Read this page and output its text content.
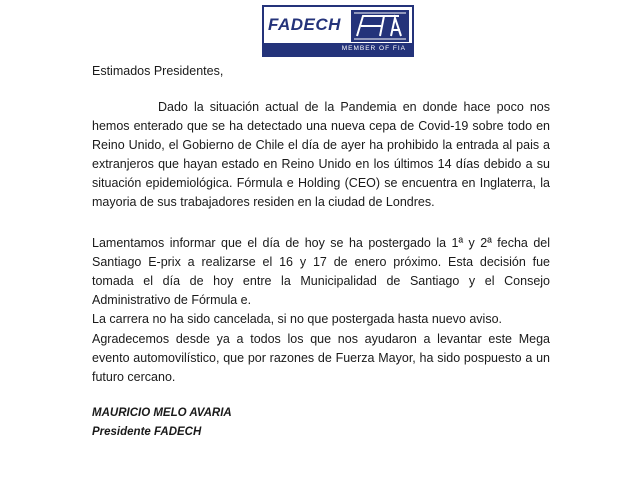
FADECH
MEMBER OF FIA
Estimados Presidentes,

Dado la situación actual de la Pandemia en donde hace poco nos hemos enterado que se ha detectado una nueva cepa de Covid-19 sobre todo en Reino Unido, el Gobierno de Chile el día de ayer ha prohibido la entrada al pais a extranjeros que hayan estado en Reino Unido en los últimos 14 días debido a su situación epidemiológica. Fórmula e Holding (CEO) se encuentra en Inglaterra, la mayoria de sus trabajadores residen en la ciudad de Londres.

Lamentamos informar que el día de hoy se ha postergado la 1ª y 2ª fecha del Santiago E-prix a realizarse el 16 y 17 de enero próximo. Esta decisión fue tomada el día de hoy entre la Municipalidad de Santiago y el Consejo Administrativo de Fórmula e.

La carrera no ha sido cancelada, si no que postergada hasta nuevo aviso.

Agradecemos desde ya a todos los que nos ayudaron a levantar este Mega evento automovilístico, que por razones de Fuerza Mayor, ha sido pospuesto a un futuro cercano.

MAURICIO MELO AVARIA
Presidente FADECH
